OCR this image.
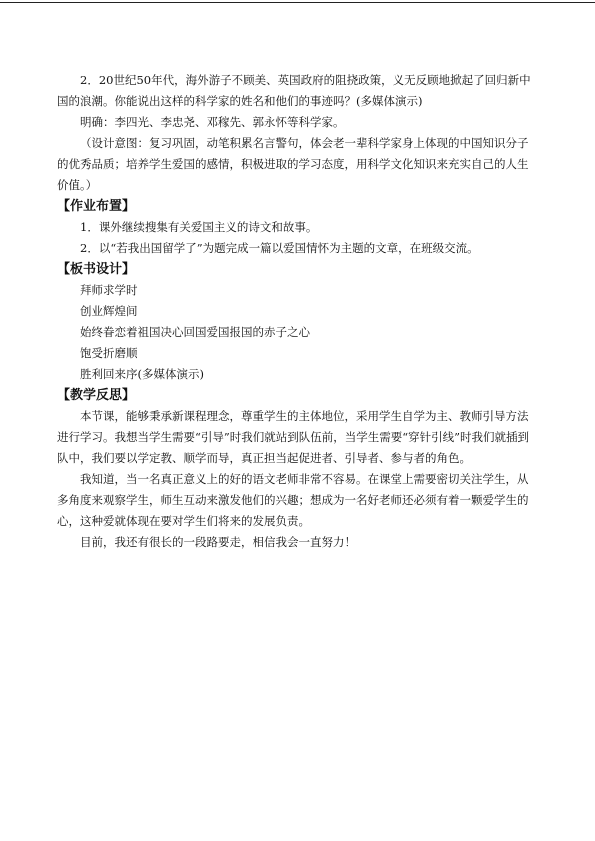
2．20世纪50年代，海外游子不顾美、英国政府的阻挠政策，义无反顾地掀起了回归新中国的浪潮。你能说出这样的科学家的姓名和他们的事迹吗？(多媒体演示)

明确：李四光、李忠尧、邓稼先、郭永怀等科学家。

（设计意图：复习巩固，动笔积累名言警句，体会老一辈科学家身上体现的中国知识分子的优秀品质；培养学生爱国的感情，积极进取的学习态度，用科学文化知识来充实自己的人生价值。）

【作业布置】

1．课外继续搜集有关爱国主义的诗文和故事。

2．以“若我出国留学了”为题完成一篇以爱国情怀为主题的文章，在班级交流。

【板书设计】

拜师求学时

创业辉煌间

始终眷恋着祖国决心回国爱国报国的赤子之心

饱受折磨顺

胜利回来序(多媒体演示)

【教学反思】

本节课，能够秉承新课程理念，尊重学生的主体地位，采用学生自学为主、教师引导方法进行学习。我想当学生需要“引导”时我们就站到队伍前，当学生需要“穿针引线”时我们就插到队中，我们要以学定教、顺学而导，真正担当起促进者、引导者、参与者的角色。

我知道，当一名真正意义上的好的语文老师非常不容易。在课堂上需要密切关注学生，从多角度来观察学生，师生互动来激发他们的兴趣；想成为一名好老师还必须有着一颗爱学生的心，这种爱就体现在要对学生们将来的发展负责。

目前，我还有很长的一段路要走，相信我会一直努力！
